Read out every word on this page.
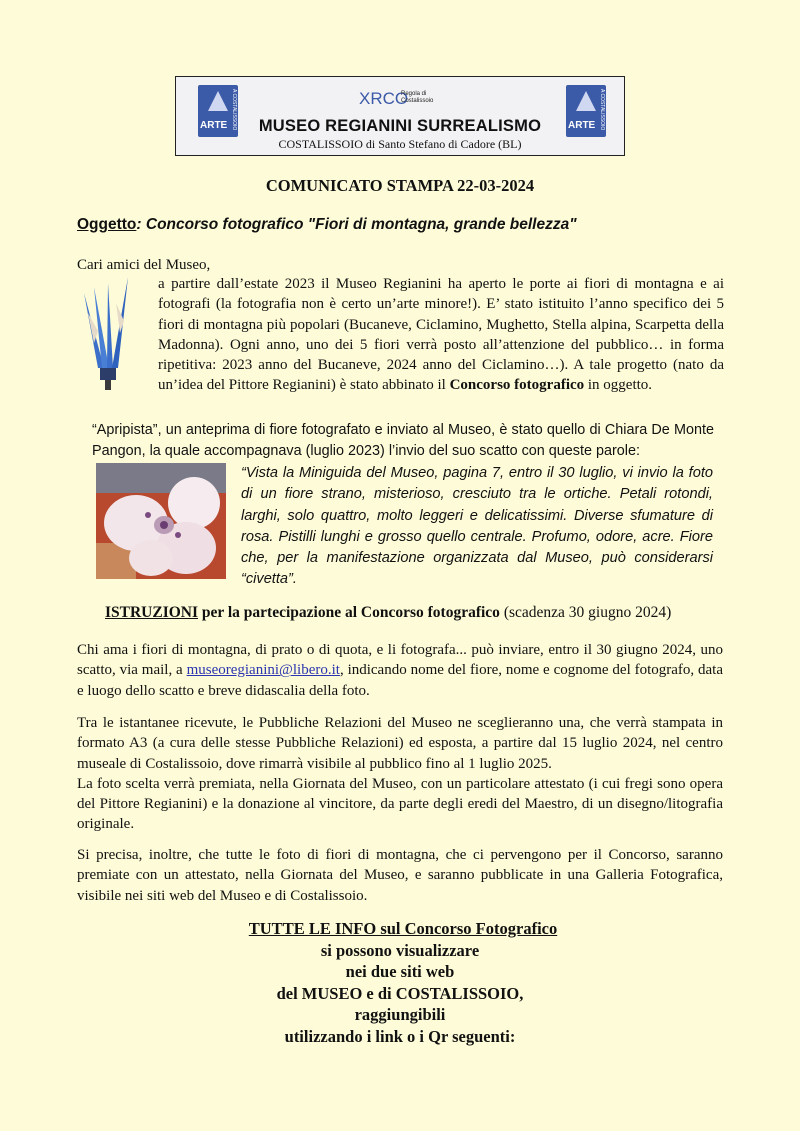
ARTE A COSTALISSOIO	XRCO
Regola di Costalissoio
MUSEO REGIANINI SURREALISMO
COSTALISSOIO di Santo Stefano di Cadore (BL)
ARTE A COSTALISSOIO
COMUNICATO STAMPA 22-03-2024
Oggetto: Concorso fotografico "Fiori di montagna, grande bellezza"
Cari amici del Museo,
a partire dall’estate 2023 il Museo Regianini ha aperto le porte ai fiori di montagna e ai fotografi (la fotografia non è certo un’arte minore!). E’ stato istituito l’anno specifico dei 5 fiori di montagna più popolari (Bucaneve, Ciclamino, Mughetto, Stella alpina, Scarpetta della Madonna). Ogni anno, uno dei 5 fiori verrà posto all’attenzione del pubblico… in forma ripetitiva: 2023 anno del Bucaneve, 2024 anno del Ciclamino…). A tale progetto (nato da un’idea del Pittore Regianini) è stato abbinato il Concorso fotografico in oggetto.
“Apripista”, un anteprima di fiore fotografato e inviato al Museo, è stato quello di Chiara De Monte Pangon, la quale accompagnava (luglio 2023) l’invio del suo scatto con queste parole:
“Vista la Miniguida del Museo, pagina 7, entro il 30 luglio, vi invio la foto di un fiore strano, misterioso, cresciuto tra le ortiche. Petali rotondi, larghi, solo quattro, molto leggeri e delicatissimi. Diverse sfumature di rosa. Pistilli lunghi e grosso quello centrale. Profumo, odore, acre. Fiore che, per la manifestazione organizzata dal Museo, può considerarsi “civetta”.
ISTRUZIONI per la partecipazione al Concorso fotografico (scadenza 30 giugno 2024)
Chi ama i fiori di montagna, di prato o di quota, e li fotografa... può inviare, entro il 30 giugno 2024, uno scatto, via mail, a museoregianini@libero.it, indicando nome del fiore, nome e cognome del fotografo, data e luogo dello scatto e breve didascalia della foto.
Tra le istantanee ricevute, le Pubbliche Relazioni del Museo ne sceglieranno una, che verrà stampata in formato A3 (a cura delle stesse Pubbliche Relazioni) ed esposta, a partire dal 15 luglio 2024, nel centro museale di Costalissoio, dove rimarrà visibile al pubblico fino al 1 luglio 2025.
La foto scelta verrà premiata, nella Giornata del Museo, con un particolare attestato (i cui fregi sono opera del Pittore Regianini) e la donazione al vincitore, da parte degli eredi del Maestro, di un disegno/litografia originale.
Si precisa, inoltre, che tutte le foto di fiori di montagna, che ci pervengono per il Concorso, saranno premiate con un attestato, nella Giornata del Museo, e saranno pubblicate in una Galleria Fotografica, visibile nei siti web del Museo e di Costalissoio.
TUTTE LE INFO sul Concorso Fotografico
si possono visualizzare
nei due siti web
del MUSEO e di COSTALISSOIO,
raggiungibili
utilizzando i link o i Qr seguenti:
